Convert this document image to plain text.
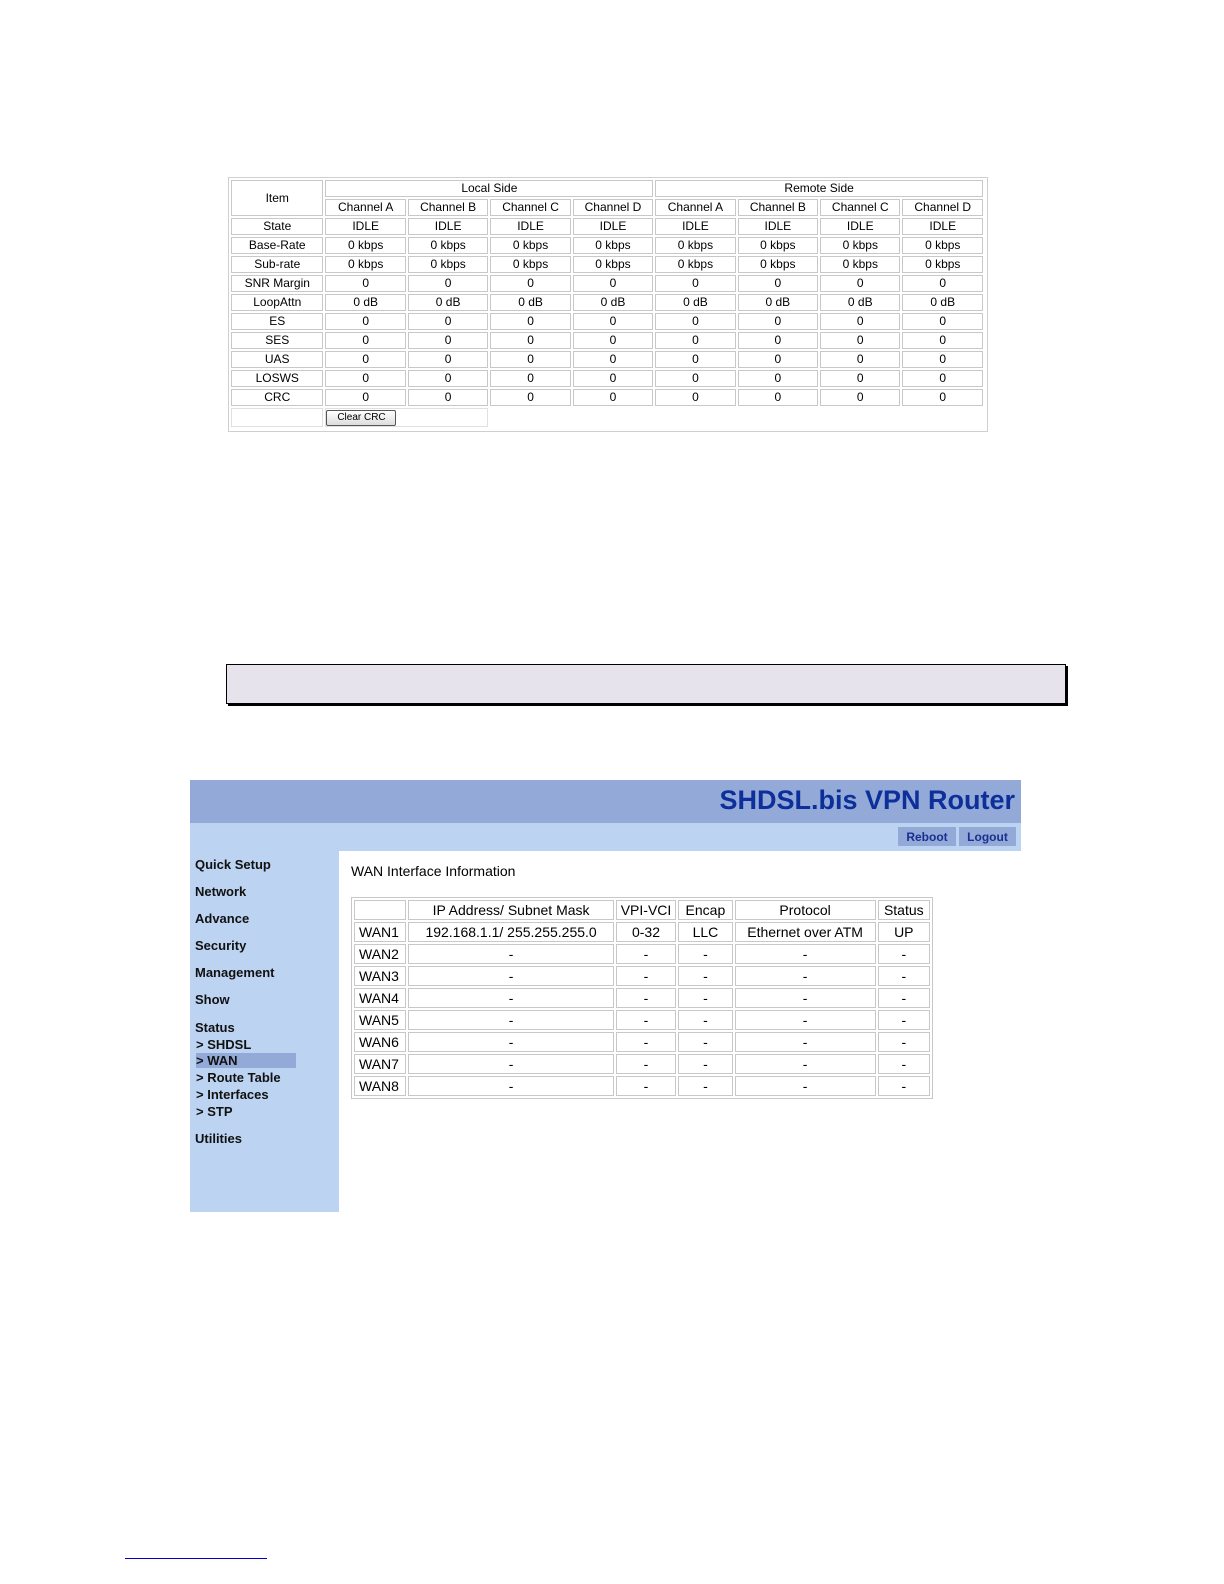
Item	Local Side				Remote Side			
	Channel A	Channel B	Channel C	Channel D	Channel A	Channel B	Channel C	Channel D
State	IDLE	IDLE	IDLE	IDLE	IDLE	IDLE	IDLE	IDLE
Base-Rate	0 kbps	0 kbps	0 kbps	0 kbps	0 kbps	0 kbps	0 kbps	0 kbps
Sub-rate	0 kbps	0 kbps	0 kbps	0 kbps	0 kbps	0 kbps	0 kbps	0 kbps
SNR Margin	0	0	0	0	0	0	0	0
LoopAttn	0 dB	0 dB	0 dB	0 dB	0 dB	0 dB	0 dB	0 dB
ES	0	0	0	0	0	0	0	0
SES	0	0	0	0	0	0	0	0
UAS	0	0	0	0	0	0	0	0
LOSWS	0	0	0	0	0	0	0	0
CRC	0	0	0	0	0	0	0	0
	Clear CRC							
SHDSL.bis VPN Router
Reboot	Logout
Quick Setup
Network
Advance
Security
Management
Show
Status
> SHDSL
> WAN
> Route Table
> Interfaces
> STP
Utilities
WAN Interface Information
	IP Address/ Subnet Mask	VPI-VCI	Encap	Protocol	Status
WAN1	192.168.1.1/ 255.255.255.0	0-32	LLC	Ethernet over ATM	UP
WAN2	-	-	-	-	-
WAN3	-	-	-	-	-
WAN4	-	-	-	-	-
WAN5	-	-	-	-	-
WAN6	-	-	-	-	-
WAN7	-	-	-	-	-
WAN8	-	-	-	-	-
